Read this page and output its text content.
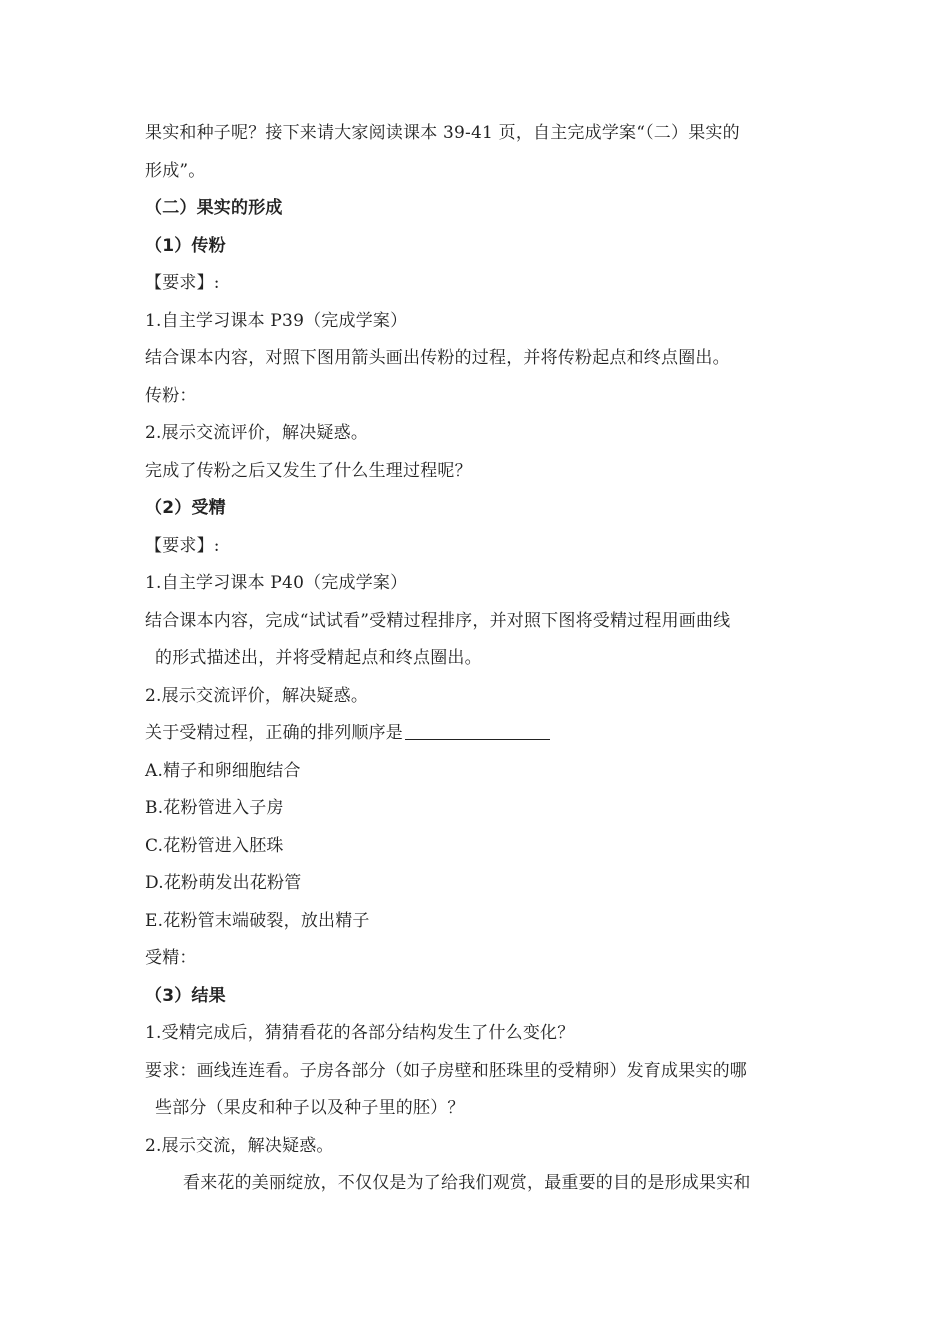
果实和种子呢？接下来请大家阅读课本 39-41 页，自主完成学案“（二）果实的
形成”。
（二）果实的形成
（1）传粉
【要求】:
1.自主学习课本 P39（完成学案）
结合课本内容，对照下图用箭头画出传粉的过程，并将传粉起点和终点圈出。
传粉：
2.展示交流评价，解决疑惑。
完成了传粉之后又发生了什么生理过程呢？
（2）受精
【要求】:
1.自主学习课本 P40（完成学案）
结合课本内容，完成“试试看”受精过程排序，并对照下图将受精过程用画曲线
的形式描述出，并将受精起点和终点圈出。
2.展示交流评价，解决疑惑。
关于受精过程，正确的排列顺序是
A.精子和卵细胞结合
B.花粉管进入子房
C.花粉管进入胚珠
D.花粉萌发出花粉管
E.花粉管末端破裂，放出精子
受精：
（3）结果
1.受精完成后，猜猜看花的各部分结构发生了什么变化？
要求：画线连连看。子房各部分（如子房壁和胚珠里的受精卵）发育成果实的哪
些部分（果皮和种子以及种子里的胚）？
2.展示交流，解决疑惑。
看来花的美丽绽放，不仅仅是为了给我们观赏，最重要的目的是形成果实和
